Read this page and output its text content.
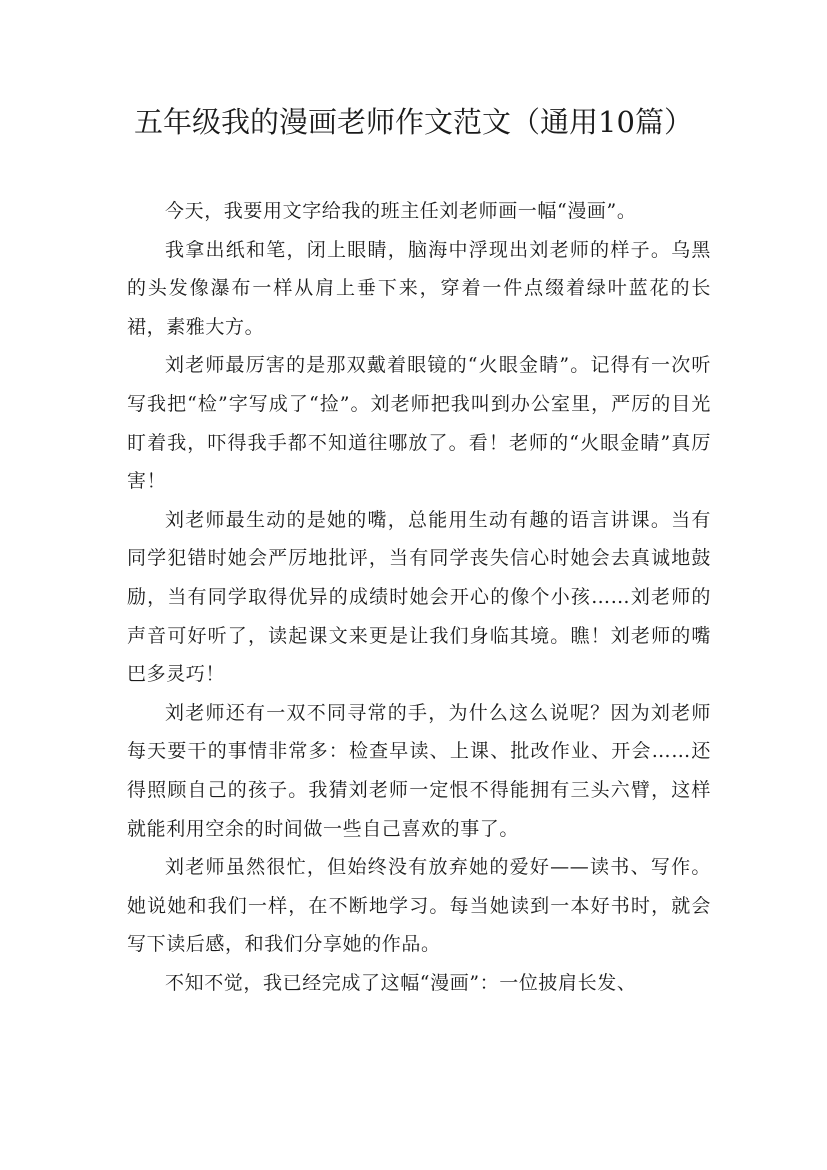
五年级我的漫画老师作文范文（通用10篇）

今天，我要用文字给我的班主任刘老师画一幅“漫画”。

我拿出纸和笔，闭上眼睛，脑海中浮现出刘老师的样子。乌黑的头发像瀑布一样从肩上垂下来，穿着一件点缀着绿叶蓝花的长裙，素雅大方。

刘老师最厉害的是那双戴着眼镜的“火眼金睛”。记得有一次听写我把“检”字写成了“捡”。刘老师把我叫到办公室里，严厉的目光盯着我，吓得我手都不知道往哪放了。看！老师的“火眼金睛”真厉害！

刘老师最生动的是她的嘴，总能用生动有趣的语言讲课。当有同学犯错时她会严厉地批评，当有同学丧失信心时她会去真诚地鼓励，当有同学取得优异的成绩时她会开心的像个小孩……刘老师的声音可好听了，读起课文来更是让我们身临其境。瞧！刘老师的嘴巴多灵巧！

刘老师还有一双不同寻常的手，为什么这么说呢？因为刘老师每天要干的事情非常多：检查早读、上课、批改作业、开会……还得照顾自己的孩子。我猜刘老师一定恨不得能拥有三头六臂，这样就能利用空余的时间做一些自己喜欢的事了。

刘老师虽然很忙，但始终没有放弃她的爱好——读书、写作。她说她和我们一样，在不断地学习。每当她读到一本好书时，就会写下读后感，和我们分享她的作品。

不知不觉，我已经完成了这幅“漫画”：一位披肩长发、
